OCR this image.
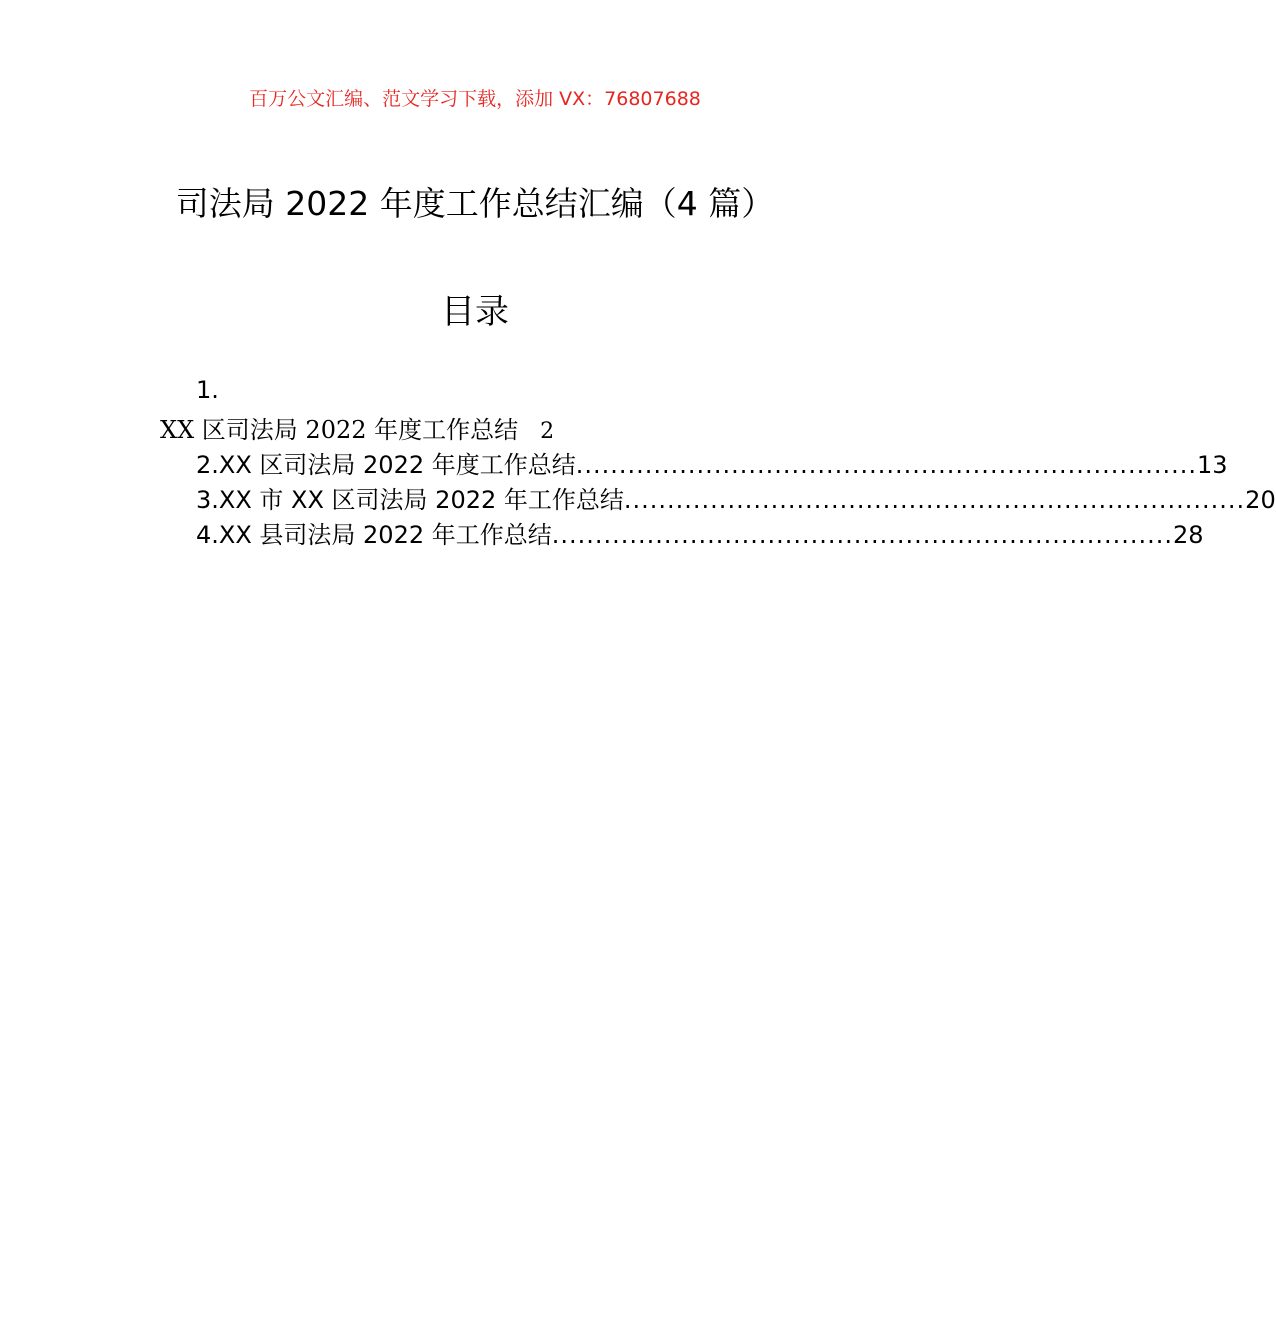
百万公文汇编、范文学习下载，添加 VX：76807688
司法局 2022 年度工作总结汇编（4 篇）
目录
1.
XX 区司法局 2022 年度工作总结 2
2.XX 区司法局 2022 年度工作总结 ........................................................................ 13
3.XX 市 XX 区司法局 2022 年工作总结 ........................................................................ 20
4.XX 县司法局 2022 年工作总结 ........................................................................ 28
